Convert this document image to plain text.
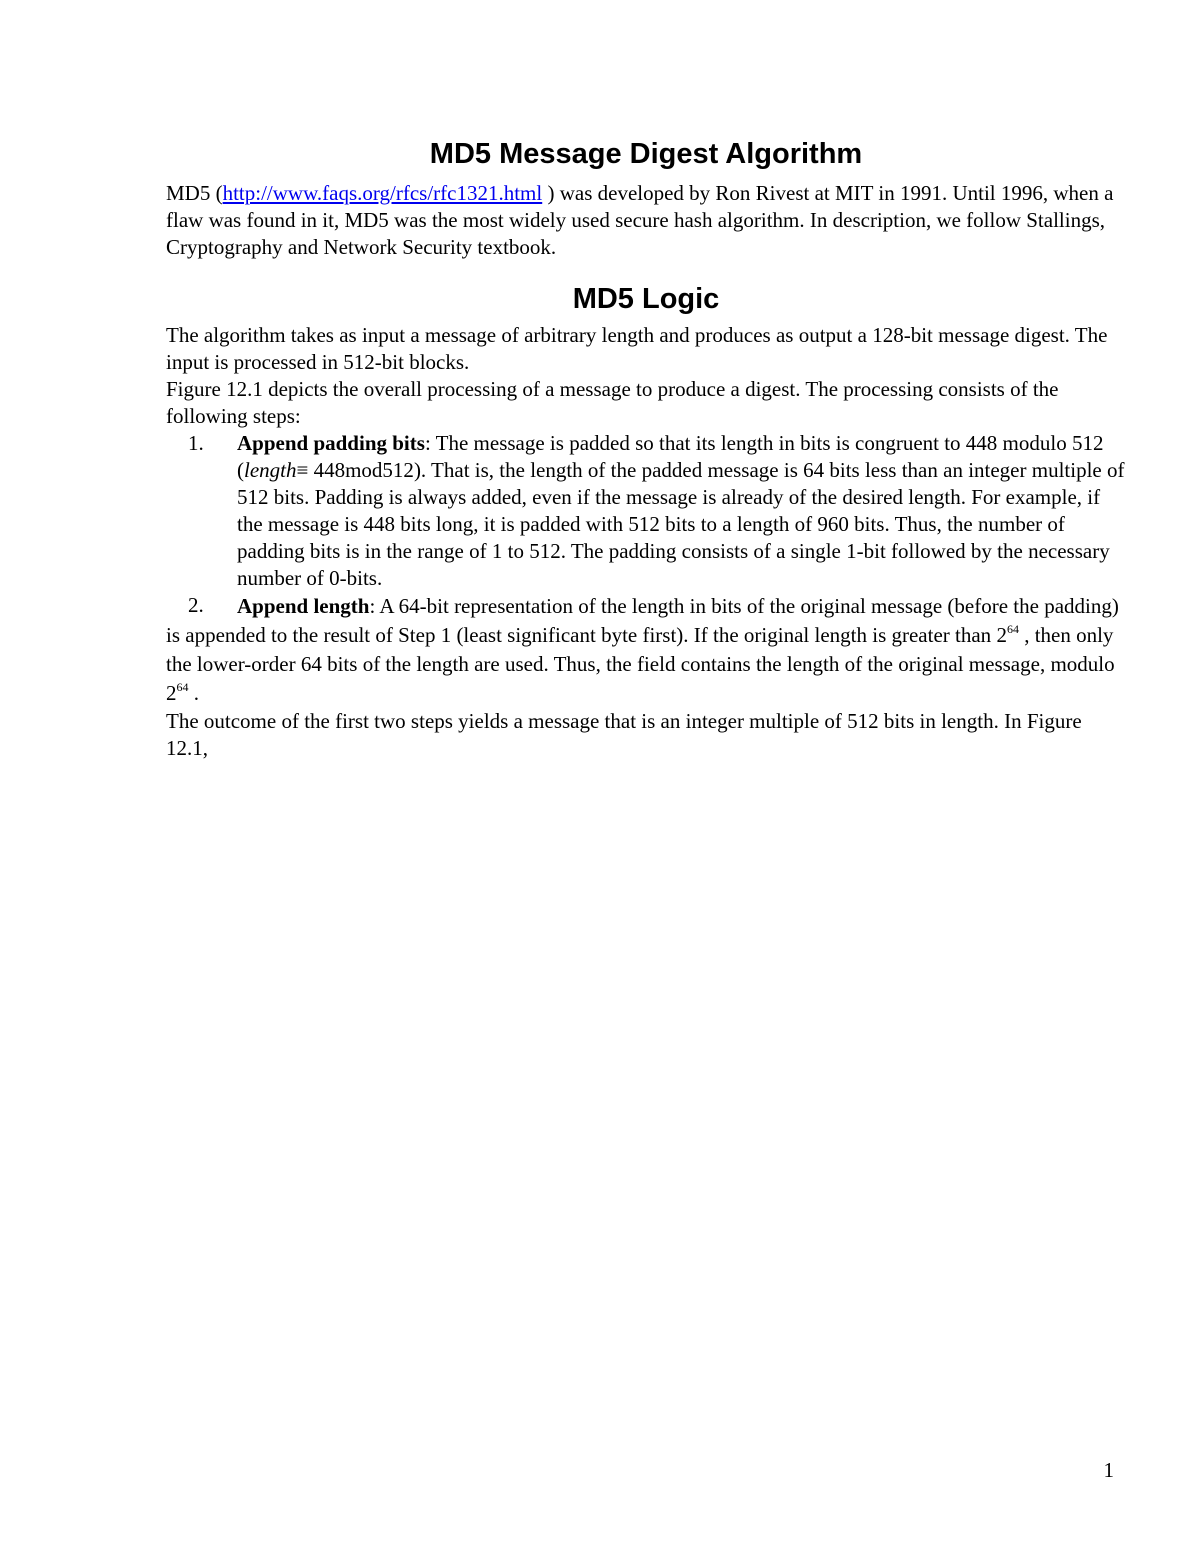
MD5 Message Digest Algorithm

MD5 (http://www.faqs.org/rfcs/rfc1321.html ) was developed by Ron Rivest at MIT in 1991. Until 1996, when a flaw was found in it, MD5 was the most widely used secure hash algorithm. In description, we follow Stallings, Cryptography and Network Security textbook.

MD5 Logic

The algorithm takes as input a message of arbitrary length and produces as output a 128-bit message digest. The input is processed in 512-bit blocks.

Figure 12.1 depicts the overall processing of a message to produce a digest. The processing consists of the following steps:

1. Append padding bits: The message is padded so that its length in bits is congruent to 448 modulo 512 (length≡ 448mod512). That is, the length of the padded message is 64 bits less than an integer multiple of 512 bits. Padding is always added, even if the message is already of the desired length. For example, if the message is 448 bits long, it is padded with 512 bits to a length of 960 bits. Thus, the number of padding bits is in the range of 1 to 512. The padding consists of a single 1-bit followed by the necessary number of 0-bits.
2.	Append length: A 64-bit representation of the length in bits of the original message (before the padding) is appended to the result of Step 1 (least significant byte first). If the original length is greater than $2^{64}$ , then only the lower-order 64 bits of the length are used. Thus, the field contains the length of the original message, modulo $2^{64}$ .

The outcome of the first two steps yields a message that is an integer multiple of 512 bits in length. In Figure 12.1,

1
